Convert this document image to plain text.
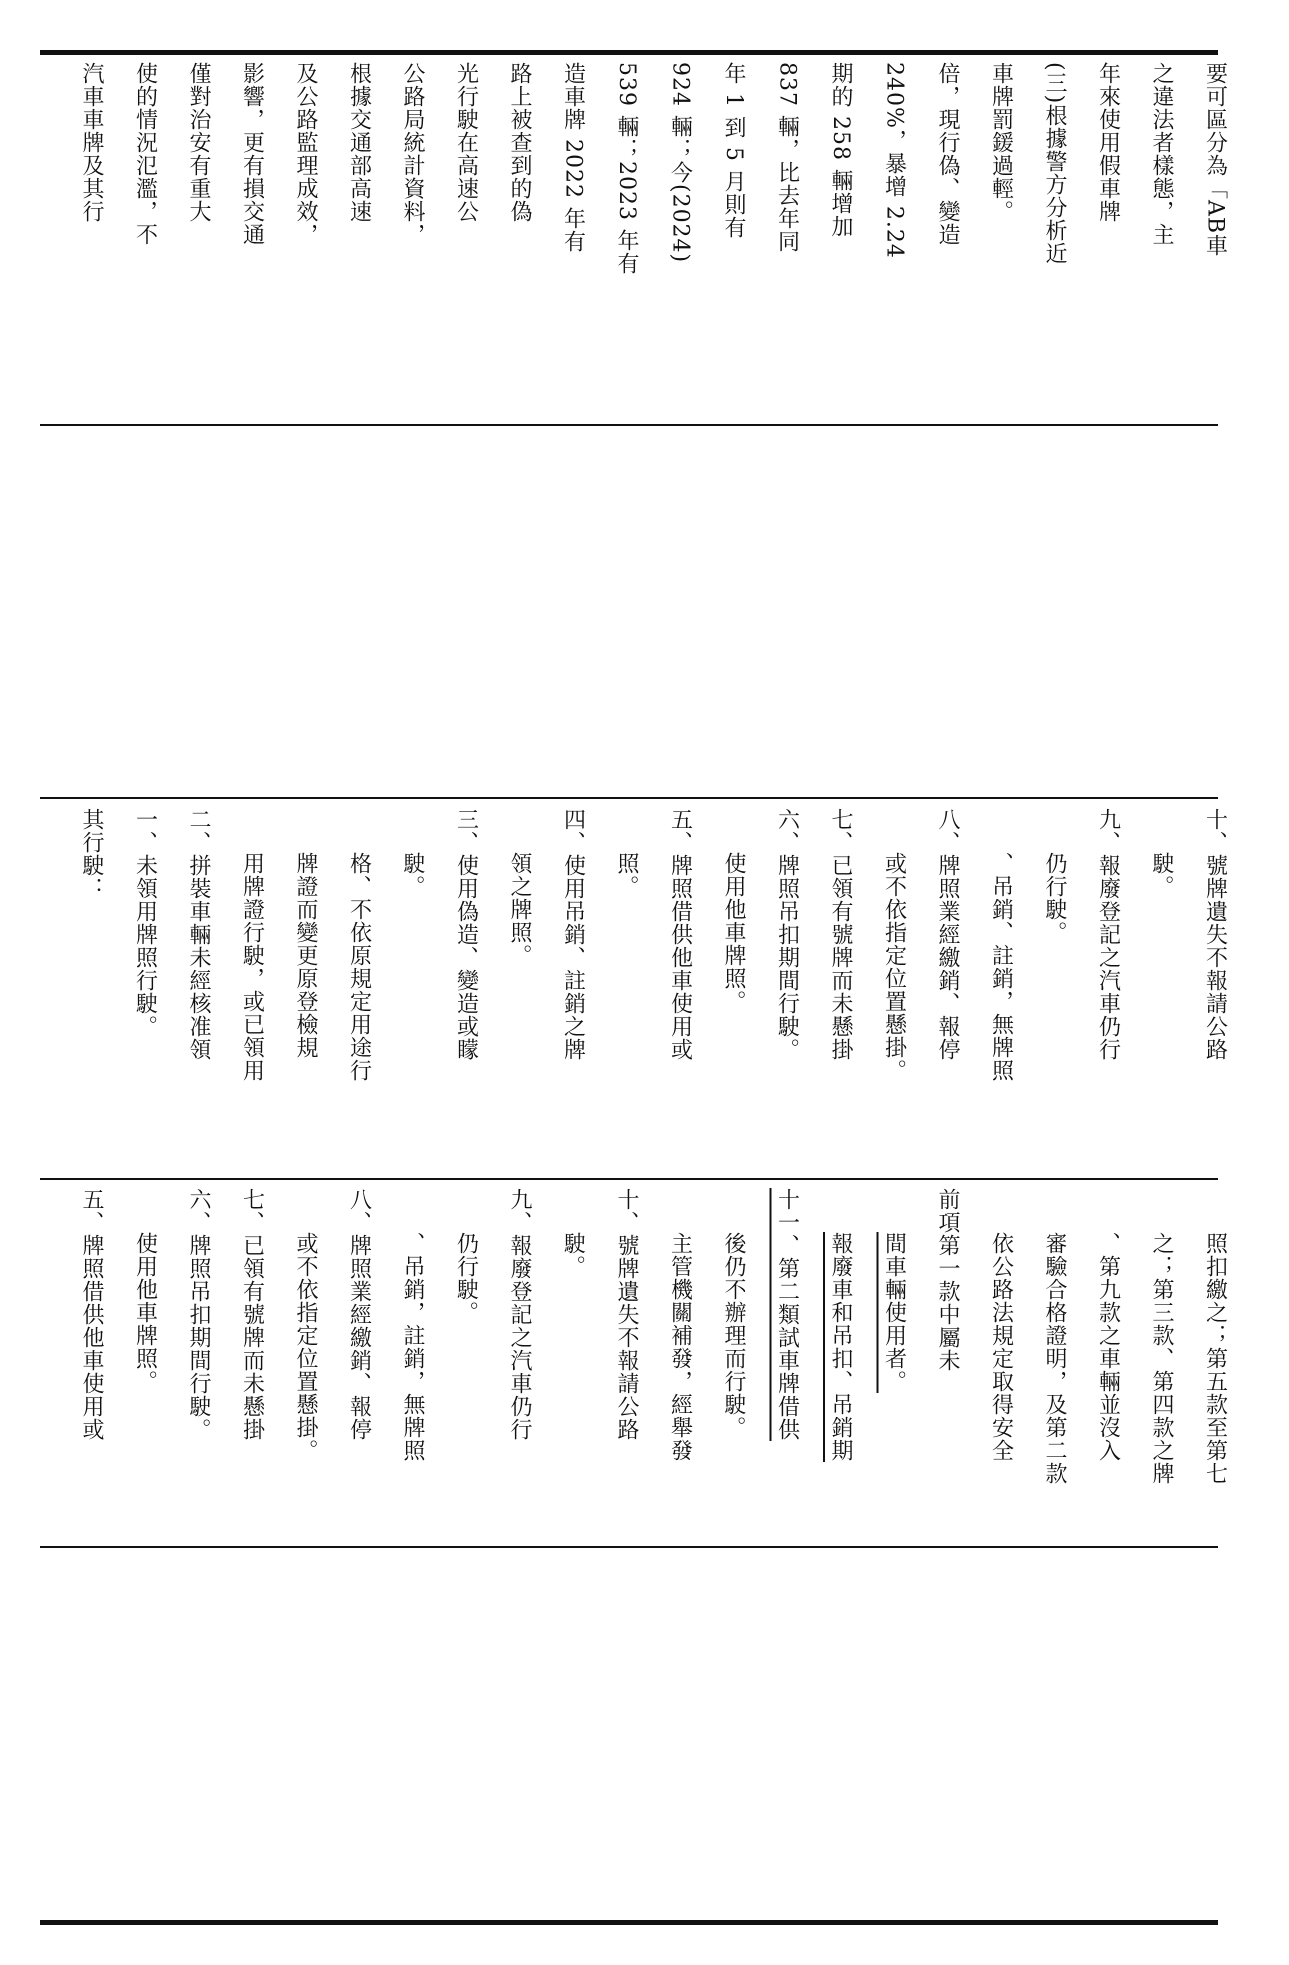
汽車車牌及其行	使的情況氾濫，不	僅對治安有重大	影響，更有損交通	及公路監理成效，	根據交通部高速	公路局統計資料，	光行駛在高速公	路上被查到的偽	造車牌 2022 年有	539 輛；2023 年有	924 輛；今(2024)	年 1 到 5 月則有	837 輛，比去年同	期的 258 輛增加	240%，暴增 2.24	倍，現行偽、變造	車牌罰鍰過輕。	(三)根據警方分析近	年來使用假車牌	之違法者樣態，主	要可區分為「AB車
其行駛：	一、未領用牌照行駛。	二、拼裝車輛未經核准領	用牌證行駛，或已領用	牌證而變更原登檢規	格、不依原規定用途行	駛。	三、使用偽造、變造或矇	領之牌照。	四、使用吊銷、註銷之牌	照。	五、牌照借供他車使用或	使用他車牌照。	六、牌照吊扣期間行駛。	七、已領有號牌而未懸掛	或不依指定位置懸掛。	八、牌照業經繳銷、報停	、吊銷、註銷，無牌照	仍行駛。	九、報廢登記之汽車仍行	駛。	十、號牌遺失不報請公路
五、牌照借供他車使用或	使用他車牌照。	六、牌照吊扣期間行駛。	七、已領有號牌而未懸掛	或不依指定位置懸掛。	八、牌照業經繳銷、報停	、吊銷，註銷，無牌照	仍行駛。	九、報廢登記之汽車仍行	駛。	十、號牌遺失不報請公路	主管機關補發，經舉發	後仍不辦理而行駛。	十一、第二類試車牌借供	報廢車和吊扣、吊銷期	間車輛使用者。	前項第一款中屬未	依公路法規定取得安全	審驗合格證明，及第二款	、第九款之車輛並沒入	之；第三款、第四款之牌	照扣繳之；第五款至第七
